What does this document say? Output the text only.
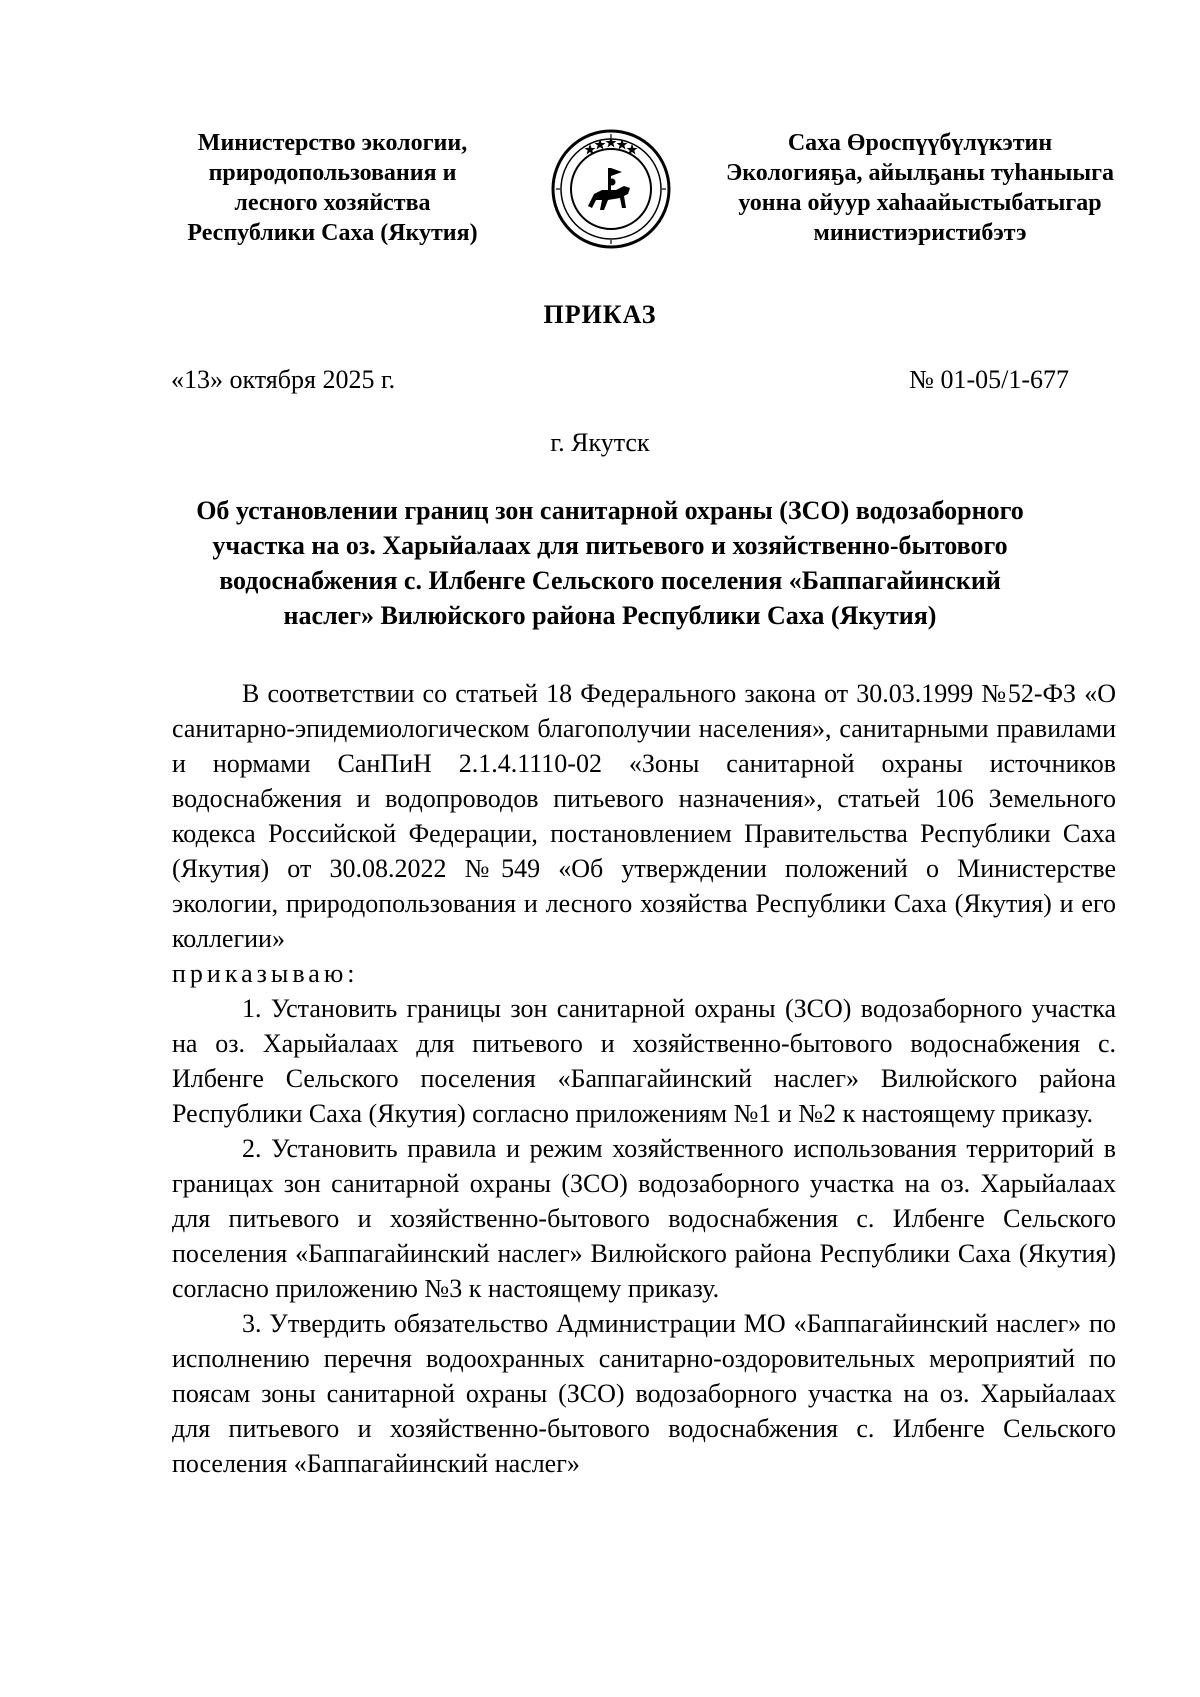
Министерство экологии,
природопользования и
лесного хозяйства
Республики Саха (Якутия)
Саха Өроспүүбүлүкэтин
Экологияҕа, айылҕаны туһаныыга
уонна ойуур хаһаайыстыбатыгар
министиэристибэтэ
ПРИКАЗ
«13» октября 2025 г.	№ 01-05/1-677
г. Якутск
Об установлении границ зон санитарной охраны (ЗСО) водозаборного
участка на оз. Харыйалаах для питьевого и хозяйственно-бытового
водоснабжения с. Илбенге Сельского поселения «Баппагайинский
наслег» Вилюйского района Республики Саха (Якутия)

В соответствии со статьей 18 Федерального закона от 30.03.1999 №52-ФЗ «О санитарно-эпидемиологическом благополучии населения», санитарными правилами и нормами СанПиН 2.1.4.1110-02 «Зоны санитарной охраны источников водоснабжения и водопроводов питьевого назначения», статьей 106 Земельного кодекса Российской Федерации, постановлением Правительства Республики Саха (Якутия) от 30.08.2022 №549 «Об утверждении положений о Министерстве экологии, природопользования и лесного хозяйства Республики Саха (Якутия) и его коллегии»

приказываю:

1. Установить границы зон санитарной охраны (ЗСО) водозаборного участка на оз. Харыйалаах для питьевого и хозяйственно-бытового водоснабжения с. Илбенге Сельского поселения «Баппагайинский наслег» Вилюйского района Республики Саха (Якутия) согласно приложениям №1 и №2 к настоящему приказу.

2. Установить правила и режим хозяйственного использования территорий в границах зон санитарной охраны (ЗСО) водозаборного участка на оз. Харыйалаах для питьевого и хозяйственно-бытового водоснабжения с. Илбенге Сельского поселения «Баппагайинский наслег» Вилюйского района Республики Саха (Якутия) согласно приложению №3 к настоящему приказу.

3. Утвердить обязательство Администрации МО «Баппагайинский наслег» по исполнению перечня водоохранных санитарно-оздоровительных мероприятий по поясам зоны санитарной охраны (ЗСО) водозаборного участка на оз. Харыйалаах для питьевого и хозяйственно-бытового водоснабжения с. Илбенге Сельского поселения «Баппагайинский наслег»
